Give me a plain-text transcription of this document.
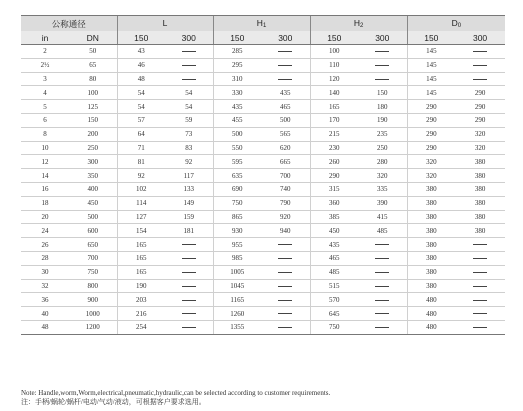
公称通径		L		$H_1$		$H_2$		$D_0$
in	DN	150	300	150	300	150	300	150	300
2	50	43		285		100		145	
2½	65	46		295		110		145	
3	80	48		310		120		145	
4	100	54	54	330	435	140	150	145	290
5	125	54	54	435	465	165	180	290	290
6	150	57	59	455	500	170	190	290	290
8	200	64	73	500	565	215	235	290	320
10	250	71	83	550	620	230	250	290	320
12	300	81	92	595	665	260	280	320	380
14	350	92	117	635	700	290	320	320	380
16	400	102	133	690	740	315	335	380	380
18	450	114	149	750	790	360	390	380	380
20	500	127	159	865	920	385	415	380	380
24	600	154	181	930	940	450	485	380	380
26	650	165		955		435		380	
28	700	165		985		465		380	
30	750	165		1005		485		380	
32	800	190		1045		515		380	
36	900	203		1165		570		480	
40	1000	216		1260		645		480	
48	1200	254		1355		750		480	
Note: Handle,worm,Worm,electrical,pneumatic,hydraulic,can be selected according to customer requirements.
注：手柄/蜗轮/蜗杆/电动/气动/液动，可根据客户要求选用。
